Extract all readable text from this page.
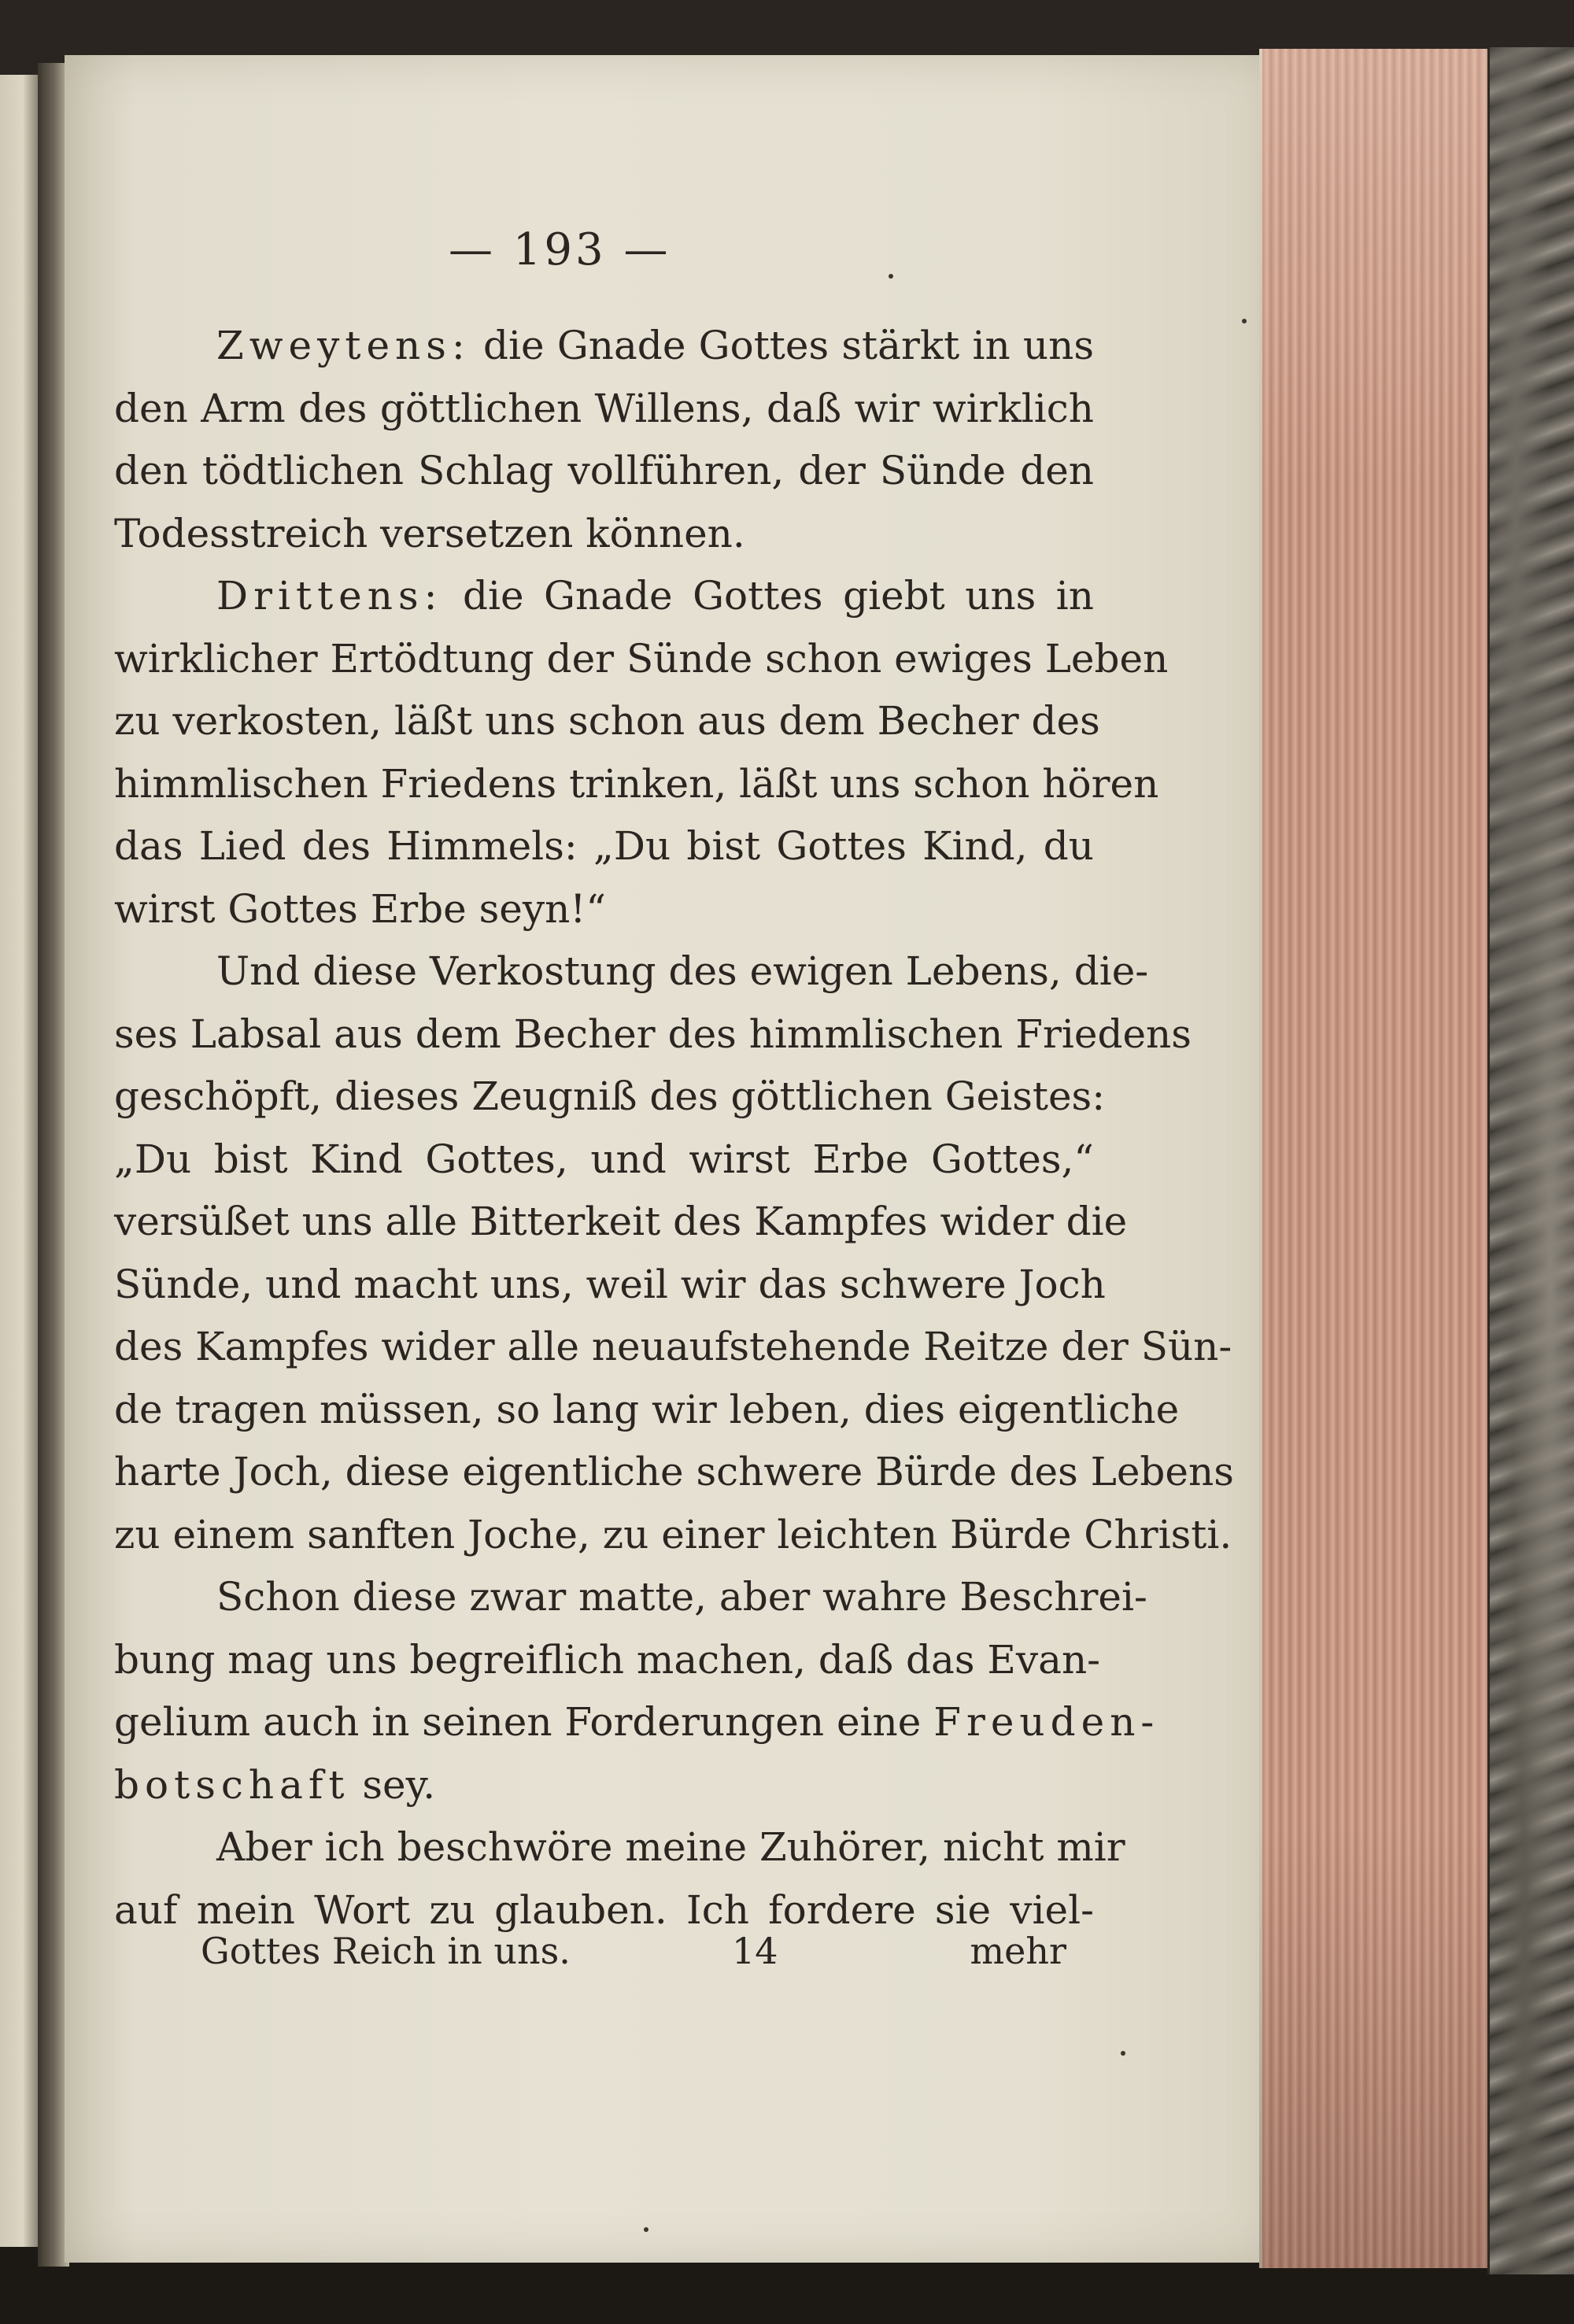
— 193 —
Zweytens: die Gnade Gottes stärkt in uns
den Arm des göttlichen Willens, daß wir wirklich
den tödtlichen Schlag vollführen, der Sünde den
Todesstreich versetzen können.
Drittens: die Gnade Gottes giebt uns in
wirklicher Ertödtung der Sünde schon ewiges Leben
zu verkosten, läßt uns schon aus dem Becher des
himmlischen Friedens trinken, läßt uns schon hören
das Lied des Himmels: „Du bist Gottes Kind, du
wirst Gottes Erbe seyn!“
Und diese Verkostung des ewigen Lebens, die-
ses Labsal aus dem Becher des himmlischen Friedens
geschöpft, dieses Zeugniß des göttlichen Geistes:
„Du bist Kind Gottes, und wirst Erbe Gottes,“
versüßet uns alle Bitterkeit des Kampfes wider die
Sünde, und macht uns, weil wir das schwere Joch
des Kampfes wider alle neuaufstehende Reitze der Sün-
de tragen müssen, so lang wir leben, dies eigentliche
harte Joch, diese eigentliche schwere Bürde des Lebens
zu einem sanften Joche, zu einer leichten Bürde Christi.
Schon diese zwar matte, aber wahre Beschrei-
bung mag uns begreiflich machen, daß das Evan-
gelium auch in seinen Forderungen eine Freuden-
botschaft sey.
Aber ich beschwöre meine Zuhörer, nicht mir
auf mein Wort zu glauben. Ich fordere sie viel-
Gottes Reich in uns.	14	mehr
